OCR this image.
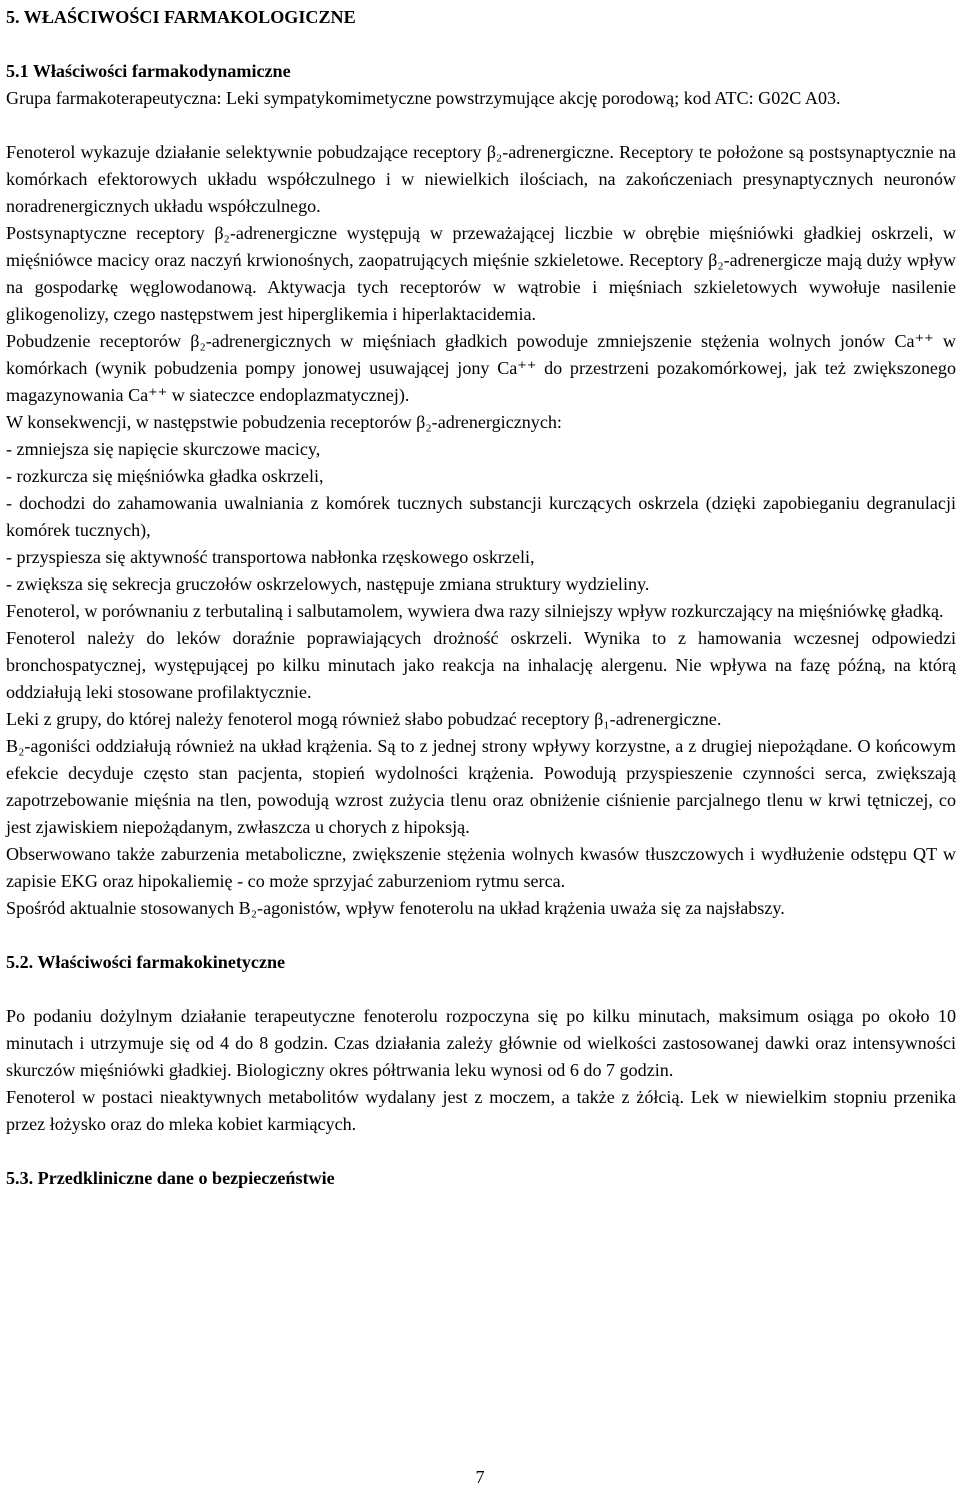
5. WŁAŚCIWOŚCI FARMAKOLOGICZNE

5.1 Właściwości farmakodynamiczne

Grupa farmakoterapeutyczna: Leki sympatykomimetyczne powstrzymujące akcję porodową; kod ATC: G02C A03.

Fenoterol wykazuje działanie selektywnie pobudzające receptory β₂-adrenergiczne. Receptory te położone są postsynaptycznie na komórkach efektorowych układu współczulnego i w niewielkich ilościach, na zakończeniach presynaptycznych neuronów noradrenergicznych układu współczulnego.

Postsynaptyczne receptory β₂-adrenergiczne występują w przeważającej liczbie w obrębie mięśniówki gładkiej oskrzeli, w mięśniówce macicy oraz naczyń krwionośnych, zaopatrujących mięśnie szkieletowe. Receptory β₂-adrenergicze mają duży wpływ na gospodarkę węglowodanową. Aktywacja tych receptorów w wątrobie i mięśniach szkieletowych wywołuje nasilenie glikogenolizy, czego następstwem jest hiperglikemia i hiperlaktacidemia.

Pobudzenie receptorów β₂-adrenergicznych w mięśniach gładkich powoduje zmniejszenie stężenia wolnych jonów Ca⁺⁺ w komórkach (wynik pobudzenia pompy jonowej usuwającej jony Ca⁺⁺ do przestrzeni pozakomórkowej, jak też zwiększonego magazynowania Ca⁺⁺ w siateczce endoplazmatycznej).

W konsekwencji, w następstwie pobudzenia receptorów β₂-adrenergicznych:

- zmniejsza się napięcie skurczowe macicy,

- rozkurcza się mięśniówka gładka oskrzeli,

- dochodzi do zahamowania uwalniania z komórek tucznych substancji kurczących oskrzela (dzięki zapobieganiu degranulacji komórek tucznych),

- przyspiesza się aktywność transportowa nabłonka rzęskowego oskrzeli,

- zwiększa się sekrecja gruczołów oskrzelowych, następuje zmiana struktury wydzieliny.

Fenoterol, w porównaniu z terbutaliną i salbutamolem, wywiera dwa razy silniejszy wpływ rozkurczający na mięśniówkę gładką.

Fenoterol należy do leków doraźnie poprawiających drożność oskrzeli. Wynika to z hamowania wczesnej odpowiedzi bronchospatycznej, występującej po kilku minutach jako reakcja na inhalację alergenu. Nie wpływa na fazę późną, na którą oddziałują leki stosowane profilaktycznie.

Leki z grupy, do której należy fenoterol mogą również słabo pobudzać receptory β₁-adrenergiczne.

B₂-agoniści oddziałują również na układ krążenia. Są to z jednej strony wpływy korzystne, a z drugiej niepożądane. O końcowym efekcie decyduje często stan pacjenta, stopień wydolności krążenia. Powodują przyspieszenie czynności serca, zwiększają zapotrzebowanie mięśnia na tlen, powodują wzrost zużycia tlenu oraz obniżenie ciśnienie parcjalnego tlenu w krwi tętniczej, co jest zjawiskiem niepożądanym, zwłaszcza u chorych z hipoksją.

Obserwowano także zaburzenia metaboliczne, zwiększenie stężenia wolnych kwasów tłuszczowych i wydłużenie odstępu QT w zapisie EKG oraz hipokaliemię - co może sprzyjać zaburzeniom rytmu serca.

Spośród aktualnie stosowanych B₂-agonistów, wpływ fenoterolu na układ krążenia uważa się za najsłabszy.

5.2. Właściwości farmakokinetyczne

Po podaniu dożylnym działanie terapeutyczne fenoterolu rozpoczyna się po kilku minutach, maksimum osiąga po około 10 minutach i utrzymuje się od 4 do 8 godzin. Czas działania zależy głównie od wielkości zastosowanej dawki oraz intensywności skurczów mięśniówki gładkiej. Biologiczny okres półtrwania leku wynosi od 6 do 7 godzin.

Fenoterol w postaci nieaktywnych metabolitów wydalany jest z moczem, a także z żółcią. Lek w niewielkim stopniu przenika przez łożysko oraz do mleka kobiet karmiących.

5.3. Przedkliniczne dane o bezpieczeństwie

7
